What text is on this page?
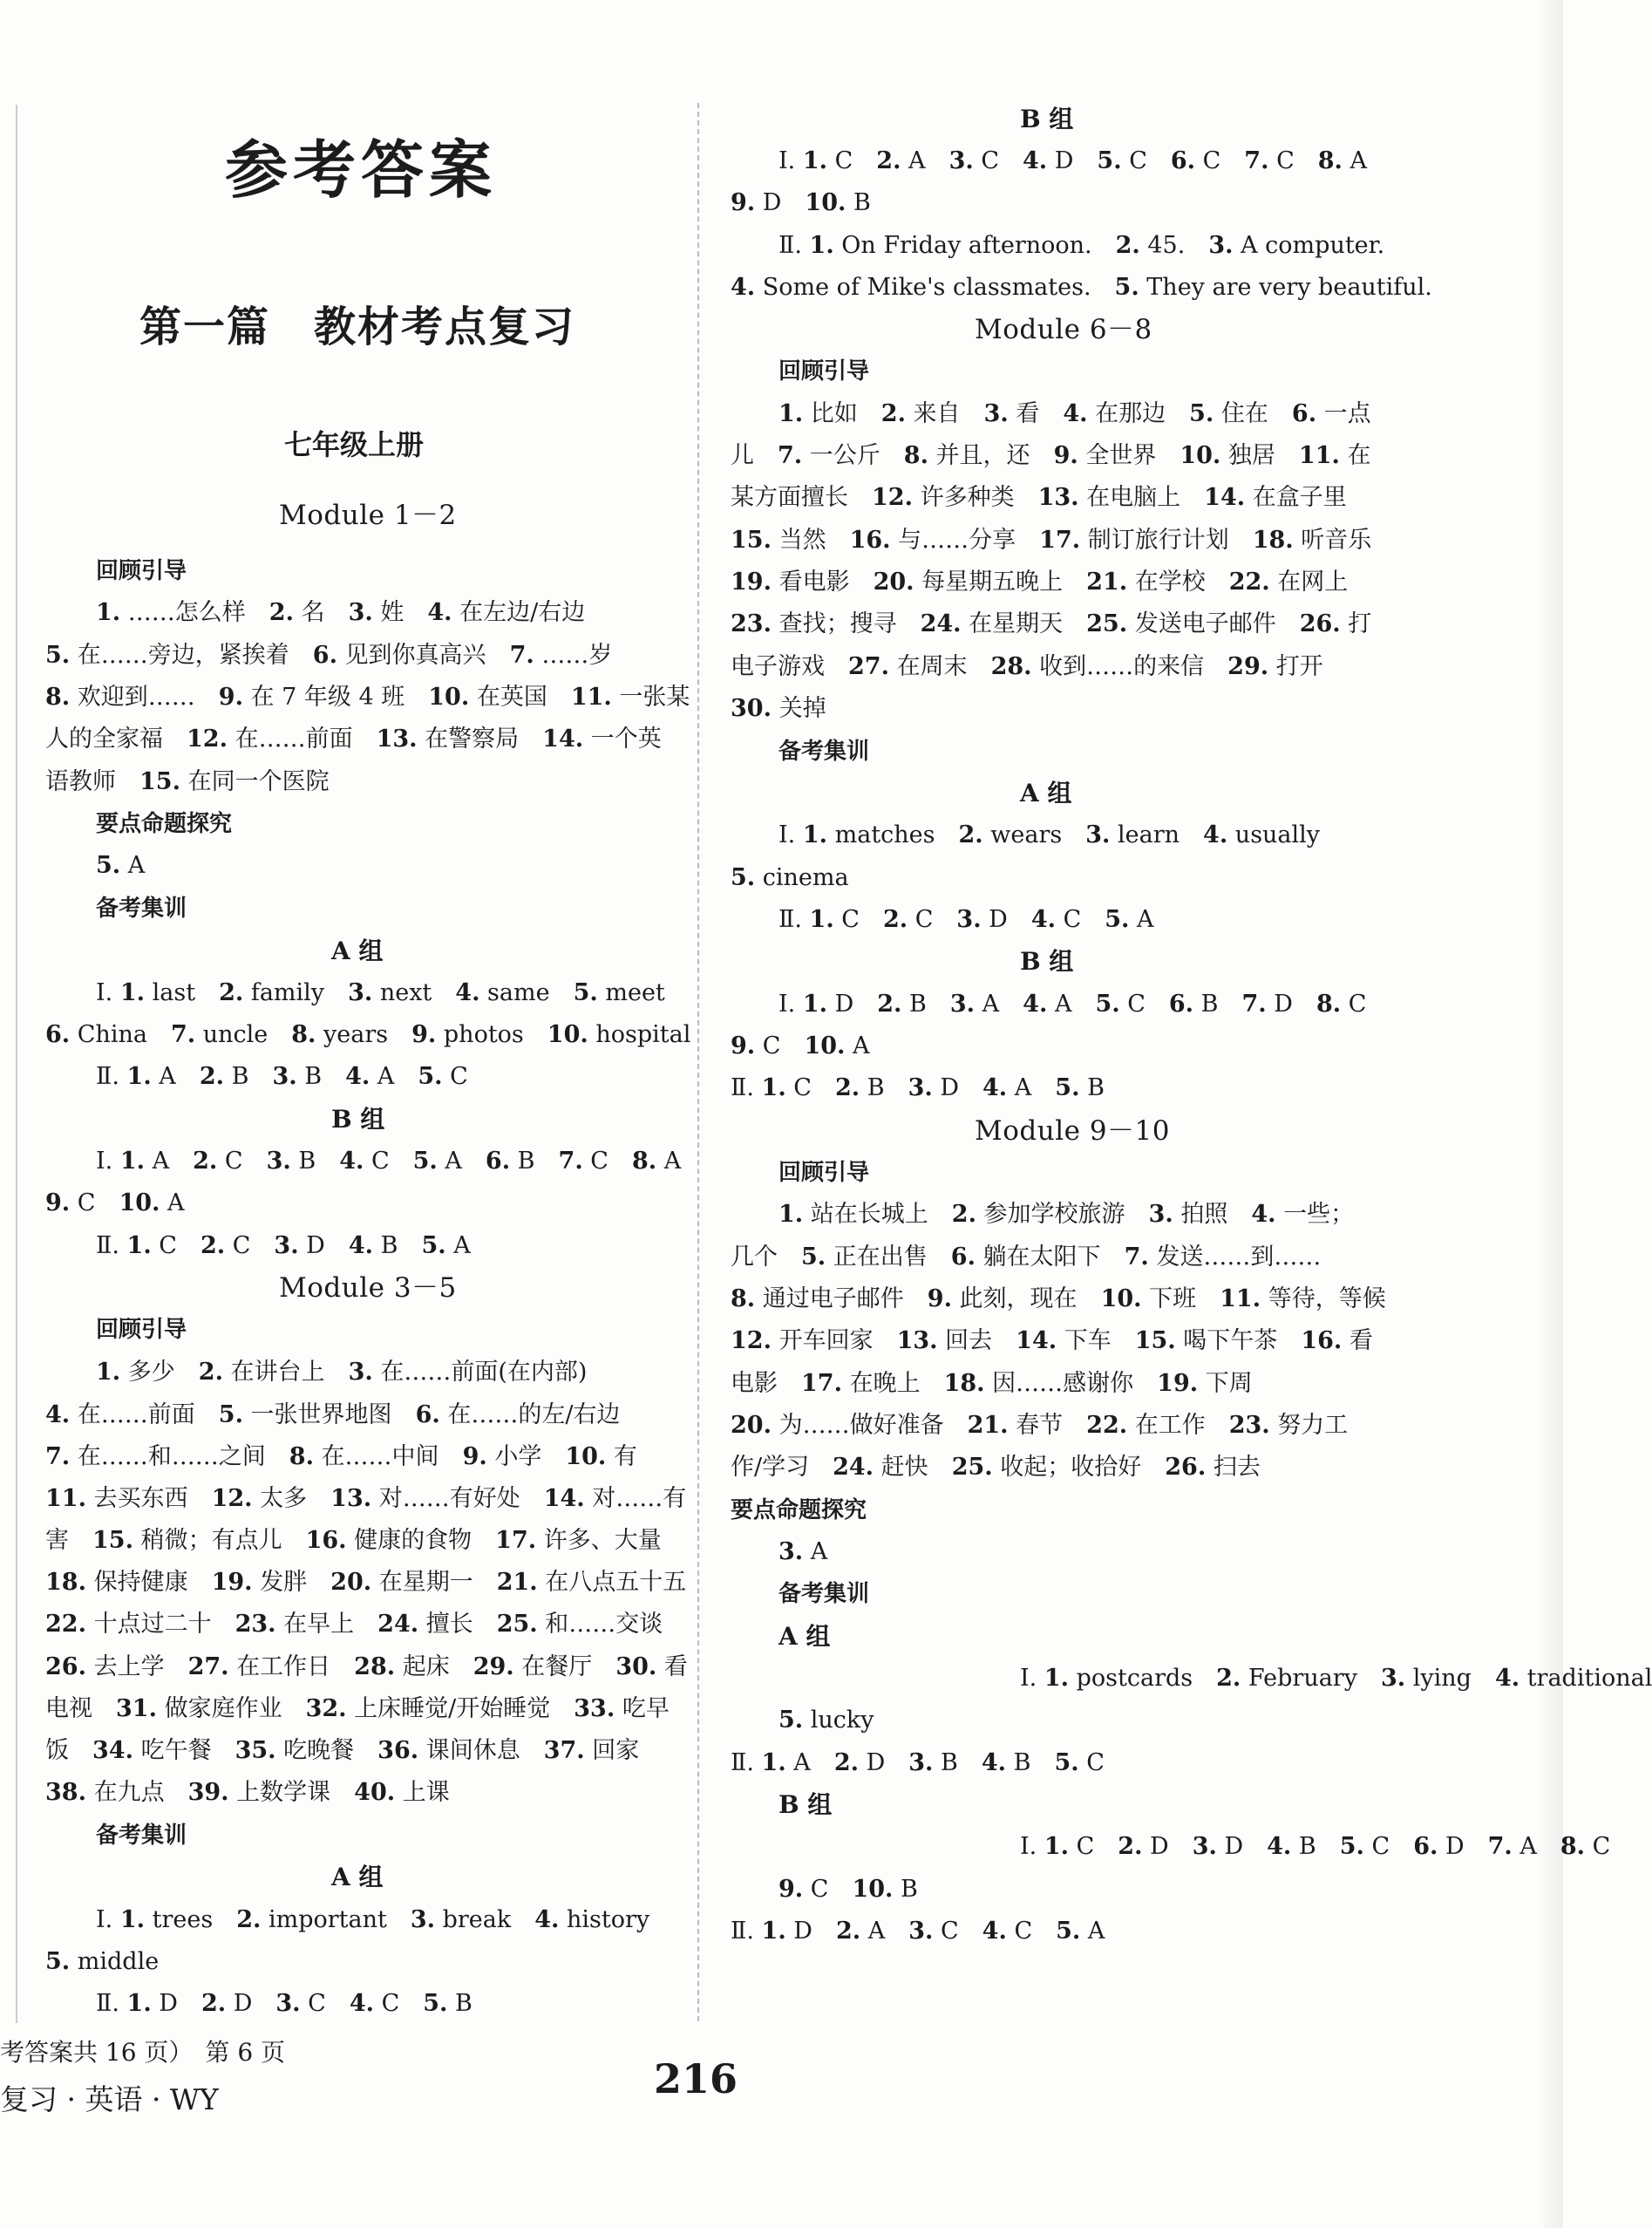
参考答案
第一篇　教材考点复习
七年级上册
Module 1－2
回顾引导
1. ……怎么样　2. 名　3. 姓　4. 在左边/右边
5. 在……旁边，紧挨着　6. 见到你真高兴　7. ……岁
8. 欢迎到……　9. 在 7 年级 4 班　10. 在英国　11. 一张某
人的全家福　12. 在……前面　13. 在警察局　14. 一个英
语教师　15. 在同一个医院
要点命题探究
5. A
备考集训
A 组
Ⅰ. 1. last　2. family　3. next　4. same　5. meet
6. China　7. uncle　8. years　9. photos　10. hospital
Ⅱ. 1. A　2. B　3. B　4. A　5. C
B 组
Ⅰ. 1. A　2. C　3. B　4. C　5. A　6. B　7. C　8. A
9. C　10. A
Ⅱ. 1. C　2. C　3. D　4. B　5. A
Module 3－5
回顾引导
1. 多少　2. 在讲台上　3. 在……前面(在内部)
4. 在……前面　5. 一张世界地图　6. 在……的左/右边
7. 在……和……之间　8. 在……中间　9. 小学　10. 有
11. 去买东西　12. 太多　13. 对……有好处　14. 对……有
害　15. 稍微；有点儿　16. 健康的食物　17. 许多、大量
18. 保持健康　19. 发胖　20. 在星期一　21. 在八点五十五
22. 十点过二十　23. 在早上　24. 擅长　25. 和……交谈
26. 去上学　27. 在工作日　28. 起床　29. 在餐厅　30. 看
电视　31. 做家庭作业　32. 上床睡觉/开始睡觉　33. 吃早
饭　34. 吃午餐　35. 吃晚餐　36. 课间休息　37. 回家
38. 在九点　39. 上数学课　40. 上课
备考集训
A 组
Ⅰ. 1. trees　2. important　3. break　4. history
5. middle
Ⅱ. 1. D　2. D　3. C　4. C　5. B
B 组
Ⅰ. 1. C　2. A　3. C　4. D　5. C　6. C　7. C　8. A
9. D　10. B
Ⅱ. 1. On Friday afternoon.　2. 45.　3. A computer.
4. Some of Mike's classmates.　5. They are very beautiful.
Module 6－8
回顾引导
1. 比如　2. 来自　3. 看　4. 在那边　5. 住在　6. 一点
儿　7. 一公斤　8. 并且，还　9. 全世界　10. 独居　11. 在
某方面擅长　12. 许多种类　13. 在电脑上　14. 在盒子里
15. 当然　16. 与……分享　17. 制订旅行计划　18. 听音乐
19. 看电影　20. 每星期五晚上　21. 在学校　22. 在网上
23. 查找；搜寻　24. 在星期天　25. 发送电子邮件　26. 打
电子游戏　27. 在周末　28. 收到……的来信　29. 打开
30. 关掉
备考集训
A 组
Ⅰ. 1. matches　2. wears　3. learn　4. usually
5. cinema
Ⅱ. 1. C　2. C　3. D　4. C　5. A
B 组
Ⅰ. 1. D　2. B　3. A　4. A　5. C　6. B　7. D　8. C
9. C　10. A
Ⅱ. 1. C　2. B　3. D　4. A　5. B
Module 9－10
回顾引导
1. 站在长城上　2. 参加学校旅游　3. 拍照　4. 一些；
几个　5. 正在出售　6. 躺在太阳下　7. 发送……到……
8. 通过电子邮件　9. 此刻，现在　10. 下班　11. 等待，等候
12. 开车回家　13. 回去　14. 下车　15. 喝下午茶　16. 看
电影　17. 在晚上　18. 因……感谢你　19. 下周
20. 为……做好准备　21. 春节　22. 在工作　23. 努力工
作/学习　24. 赶快　25. 收起；收拾好　26. 扫去
要点命题探究
3. A
备考集训
A 组
Ⅰ. 1. postcards　2. February　3. lying　4. traditional
5. lucky
Ⅱ. 1. A　2. D　3. B　4. B　5. C
B 组
Ⅰ. 1. C　2. D　3. D　4. B　5. C　6. D　7. A　8. C
9. C　10. B
Ⅱ. 1. D　2. A　3. C　4. C　5. A
考答案共 16 页）　第 6 页
复习 · 英语 · WY	216
